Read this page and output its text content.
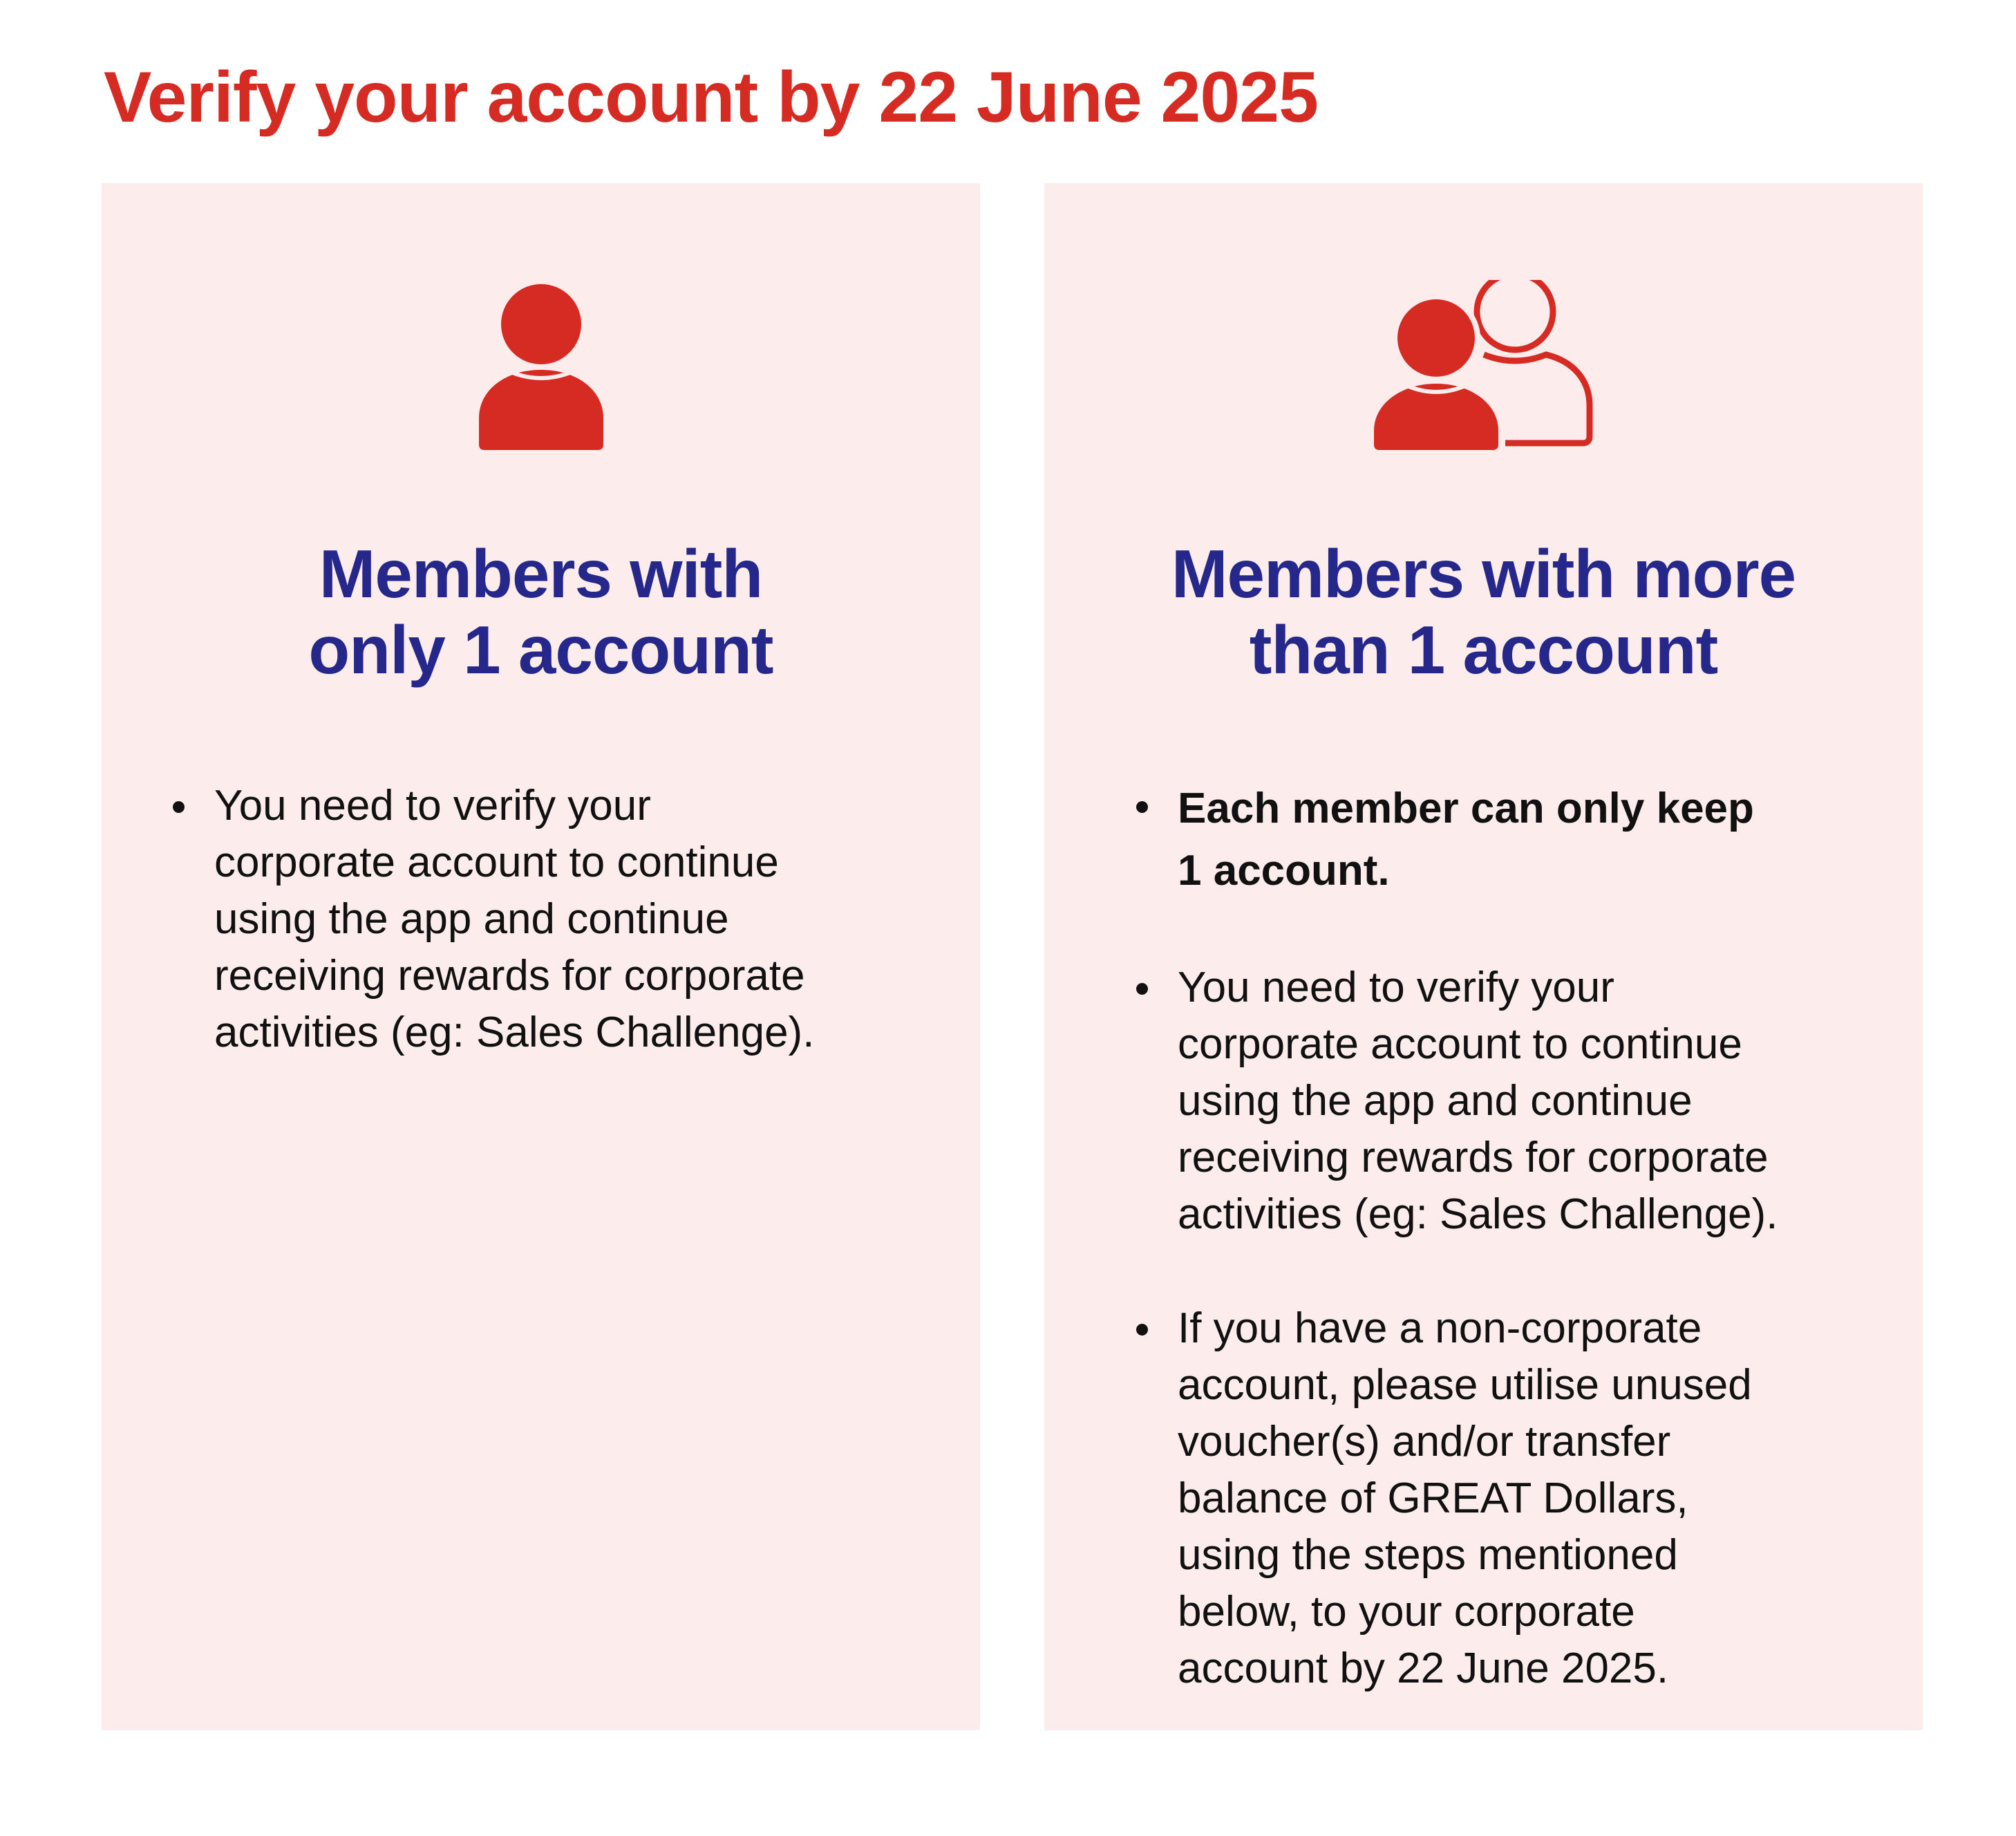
Verify your account by 22 June 2025
Members with
only 1 account
You need to verify your
corporate account to continue
using the app and continue
receiving rewards for corporate
activities (eg: Sales Challenge).
Members with more
than 1 account
Each member can only keep
1 account.
You need to verify your
corporate account to continue
using the app and continue
receiving rewards for corporate
activities (eg: Sales Challenge).
If you have a non-corporate
account, please utilise unused
voucher(s) and/or transfer
balance of GREAT Dollars,
using the steps mentioned
below, to your corporate
account by 22 June 2025.
